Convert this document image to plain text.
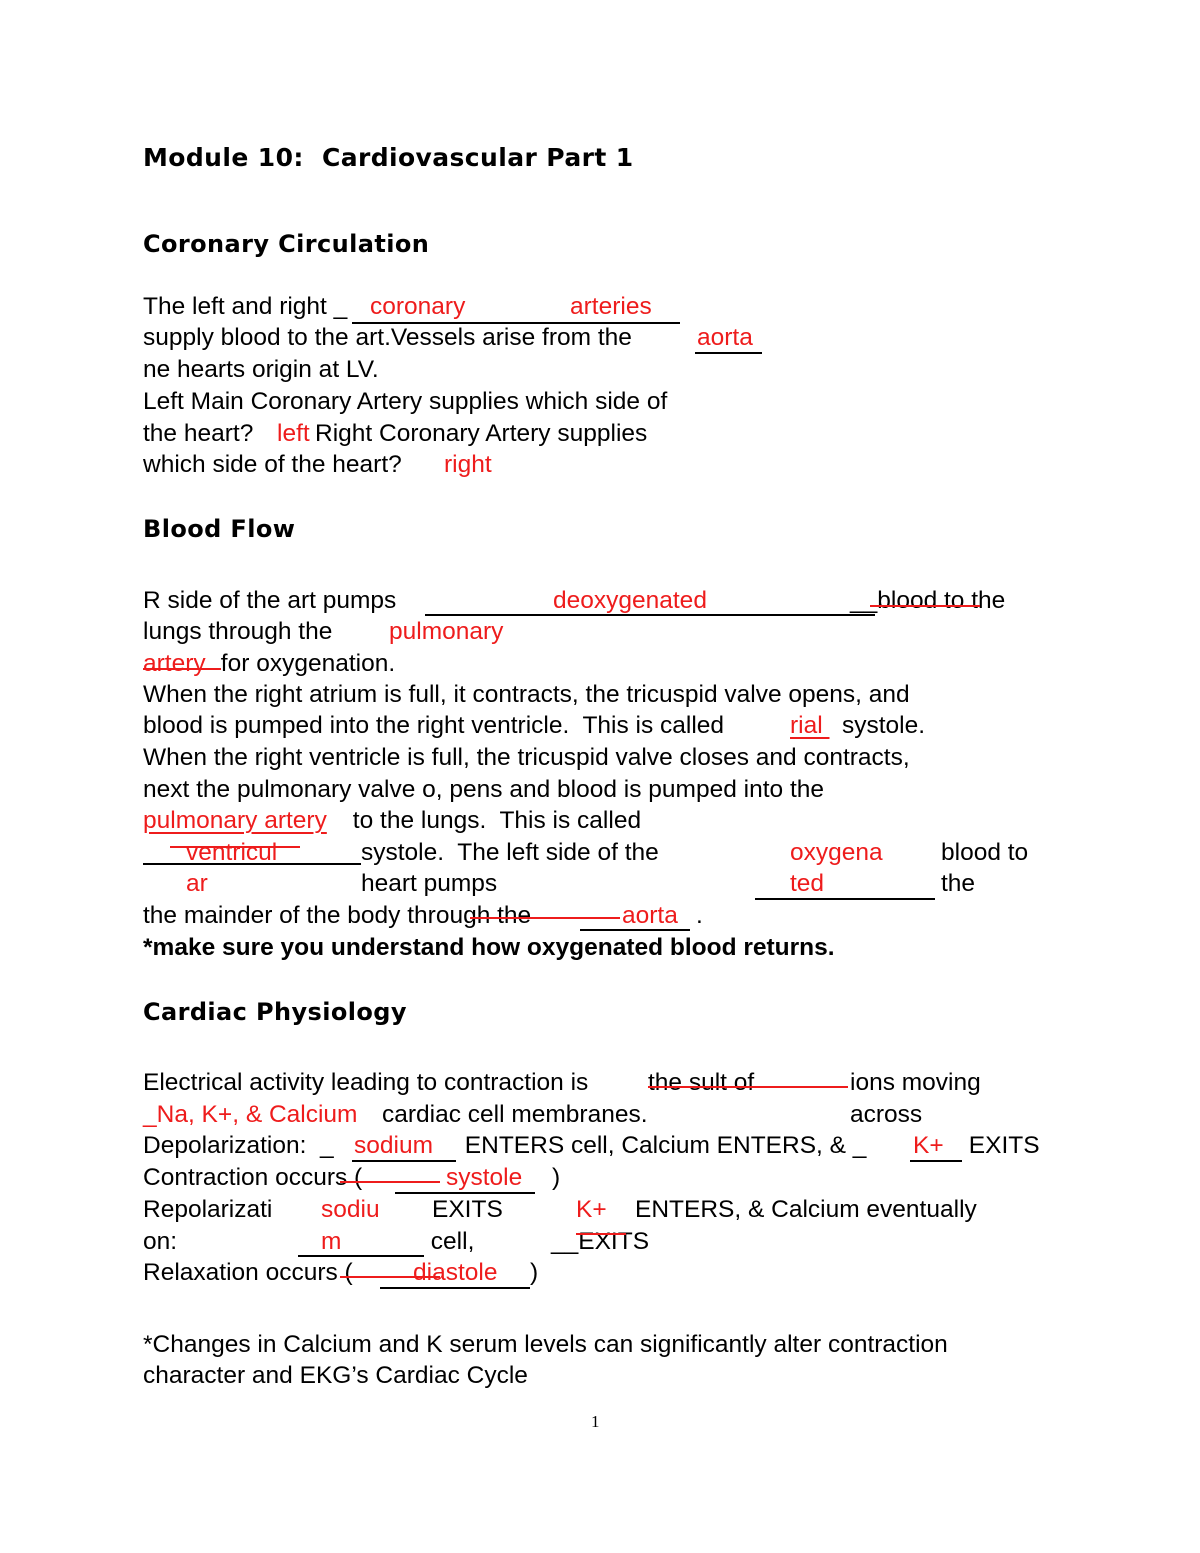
Module 10:  Cardiovascular Part 1
Coronary Circulation
The left and right _ coronary	arteries
supply blood to the art.Vessels arise from the aorta
ne hearts origin at LV.
Left Main Coronary Artery supplies which side of
the heart? left Right Coronary Artery supplies
which side of the heart? right
Blood Flow
R side of the art pumps	deoxygenated	__blood to the
lungs through the pulmonary
artery for oxygenation.
When the right atrium is full, it contracts, the tricuspid valve opens, and
blood is pumped into the right ventricle.  This is called rial systole.
When the right ventricle is full, the tricuspid valve closes and contracts,
next the pulmonary valve o, pens and blood is pumped into the
pulmonary artery to the lungs.  This is called
ventricul
ar
systole.  The left side of the
heart pumps
oxygena
ted
blood to
the
the mainder of the body through the	aorta .
*make sure you understand how oxygenated blood returns.
Cardiac Physiology
Electrical activity leading to contraction is the sult of	ions moving
_Na, K+, & Calcium cardiac cell membranes.	across
Depolarization:  _ sodium ENTERS cell, Calcium ENTERS, & _ K+ EXITS
Contraction occurs (	systole )
Repolarizati
on:
sodiu
m
EXITS
cell,
K+
__EXITS
ENTERS, & Calcium eventually
Relaxation occurs ( diastole )
*Changes in Calcium and K serum levels can significantly alter contraction
character and EKG’s Cardiac Cycle
1
